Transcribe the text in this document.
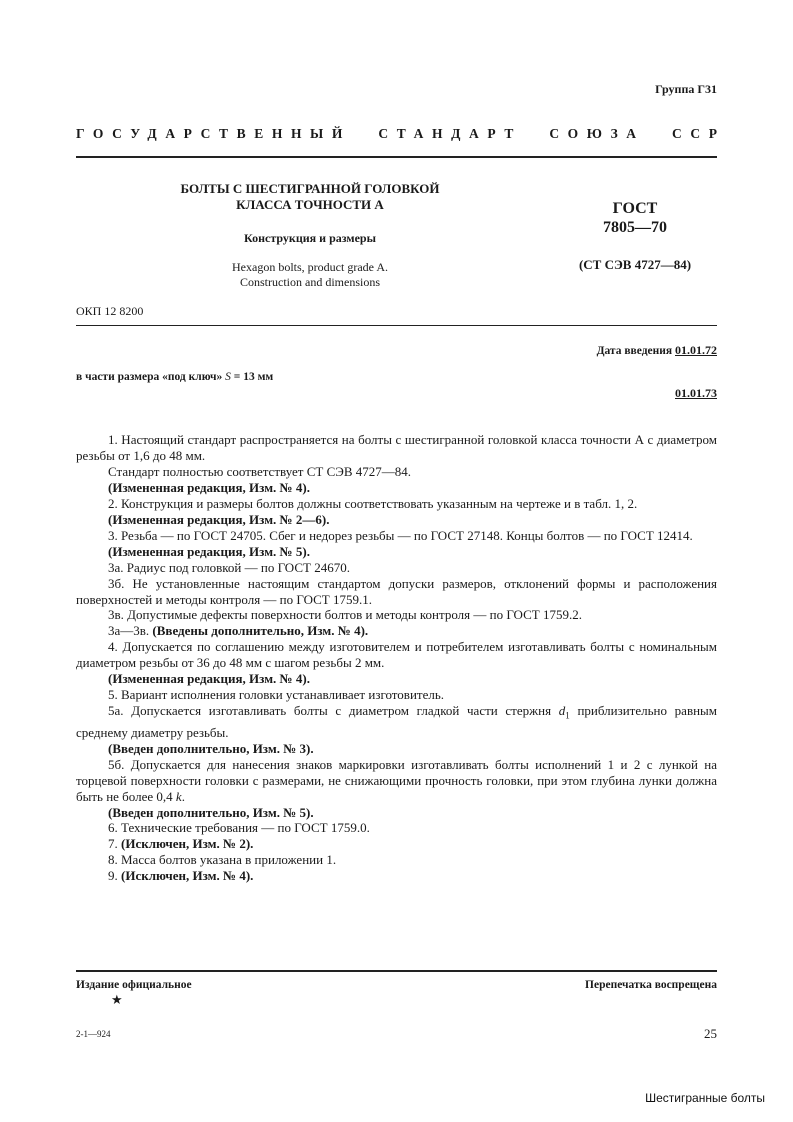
Группа Г31
ГОСУДАРСТВЕННЫЙ СТАНДАРТ СОЮЗА ССР
БОЛТЫ С ШЕСТИГРАННОЙ ГОЛОВКОЙ
КЛАССА ТОЧНОСТИ А
Конструкция и размеры
Hexagon bolts, product grade A.
Construction and dimensions
ГОСТ
7805—70
(СТ СЭВ 4727—84)
ОКП 12 8200
Дата введения 01.01.72
в части размера «под ключ» S = 13 мм
01.01.73

1. Настоящий стандарт распространяется на болты с шестигранной головкой класса точности А с диаметром резьбы от 1,6 до 48 мм.

Стандарт полностью соответствует СТ СЭВ 4727—84.

(Измененная редакция, Изм. № 4).

2. Конструкция и размеры болтов должны соответствовать указанным на чертеже и в табл. 1, 2.

(Измененная редакция, Изм. № 2—6).

3. Резьба — по ГОСТ 24705. Сбег и недорез резьбы — по ГОСТ 27148. Концы болтов — по ГОСТ 12414.

(Измененная редакция, Изм. № 5).

3а. Радиус под головкой — по ГОСТ 24670.

3б. Не установленные настоящим стандартом допуски размеров, отклонений формы и расположения поверхностей и методы контроля — по ГОСТ 1759.1.

3в. Допустимые дефекты поверхности болтов и методы контроля — по ГОСТ 1759.2.

3а—3в. (Введены дополнительно, Изм. № 4).

4. Допускается по соглашению между изготовителем и потребителем изготавливать болты с номинальным диаметром резьбы от 36 до 48 мм с шагом резьбы 2 мм.

(Измененная редакция, Изм. № 4).

5. Вариант исполнения головки устанавливает изготовитель.

5а. Допускается изготавливать болты с диаметром гладкой части стержня $d_1$ приблизительно равным среднему диаметру резьбы.

(Введен дополнительно, Изм. № 3).

5б. Допускается для нанесения знаков маркировки изготавливать болты исполнений 1 и 2 с лункой на торцевой поверхности головки с размерами, не снижающими прочность головки, при этом глубина лунки должна быть не более 0,4 k.

(Введен дополнительно, Изм. № 5).

6. Технические требования — по ГОСТ 1759.0.

7. (Исключен, Изм. № 2).

8. Масса болтов указана в приложении 1.

9. (Исключен, Изм. № 4).

Издание официальное
★
Перепечатка воспрещена
2-1—924	25
Шестигранные болты
